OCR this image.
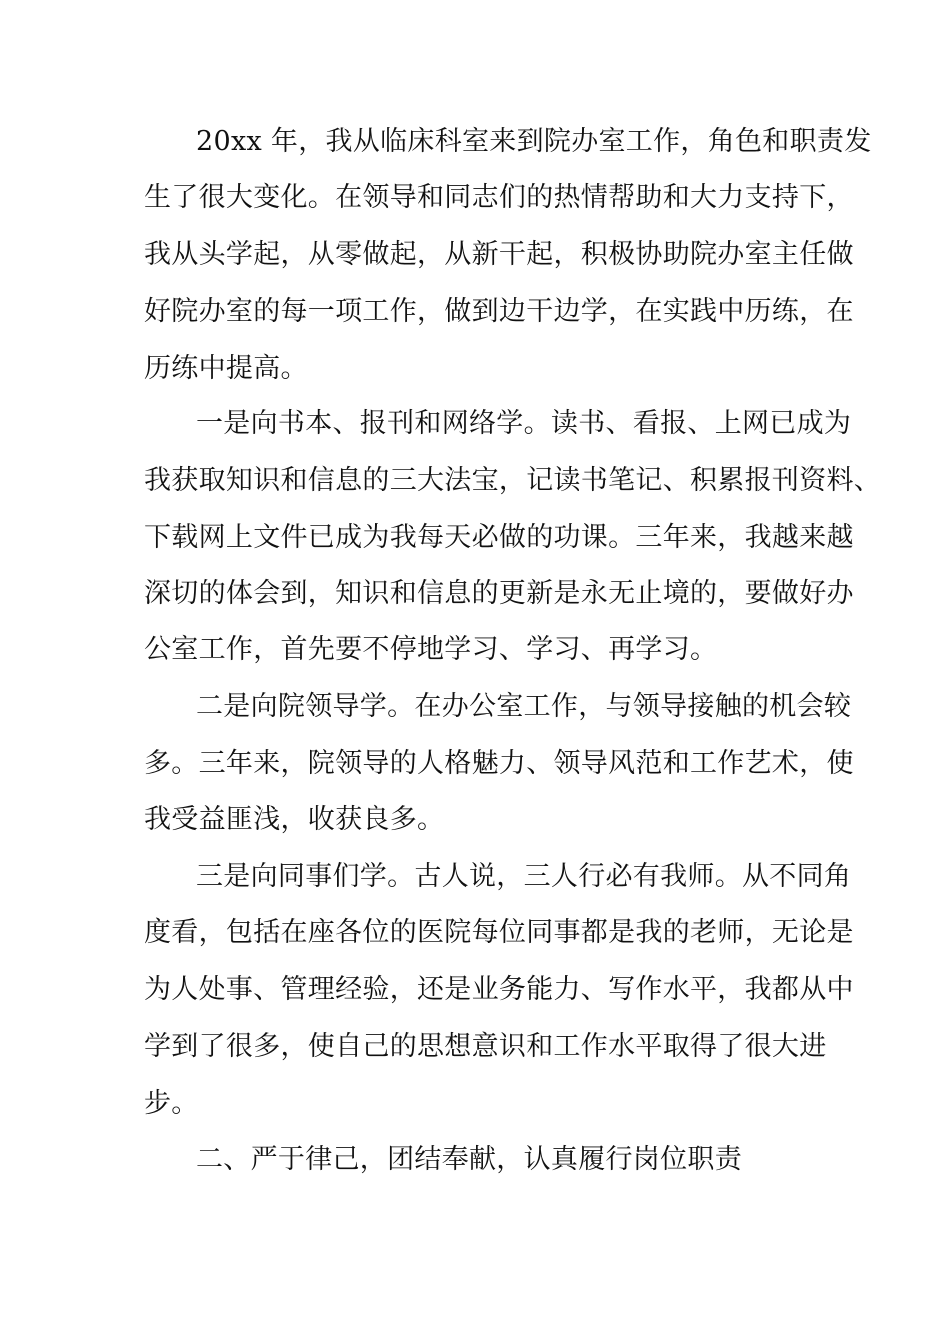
20xx 年，我从临床科室来到院办室工作，角色和职责发
生了很大变化。在领导和同志们的热情帮助和大力支持下，
我从头学起，从零做起，从新干起，积极协助院办室主任做
好院办室的每一项工作，做到边干边学，在实践中历练，在
历练中提高。
一是向书本、报刊和网络学。读书、看报、上网已成为
我获取知识和信息的三大法宝，记读书笔记、积累报刊资料、
下载网上文件已成为我每天必做的功课。三年来，我越来越
深切的体会到，知识和信息的更新是永无止境的，要做好办
公室工作，首先要不停地学习、学习、再学习。
二是向院领导学。在办公室工作，与领导接触的机会较
多。三年来，院领导的人格魅力、领导风范和工作艺术，使
我受益匪浅，收获良多。
三是向同事们学。古人说，三人行必有我师。从不同角
度看，包括在座各位的医院每位同事都是我的老师，无论是
为人处事、管理经验，还是业务能力、写作水平，我都从中
学到了很多，使自己的思想意识和工作水平取得了很大进
步。
二、严于律己，团结奉献，认真履行岗位职责
